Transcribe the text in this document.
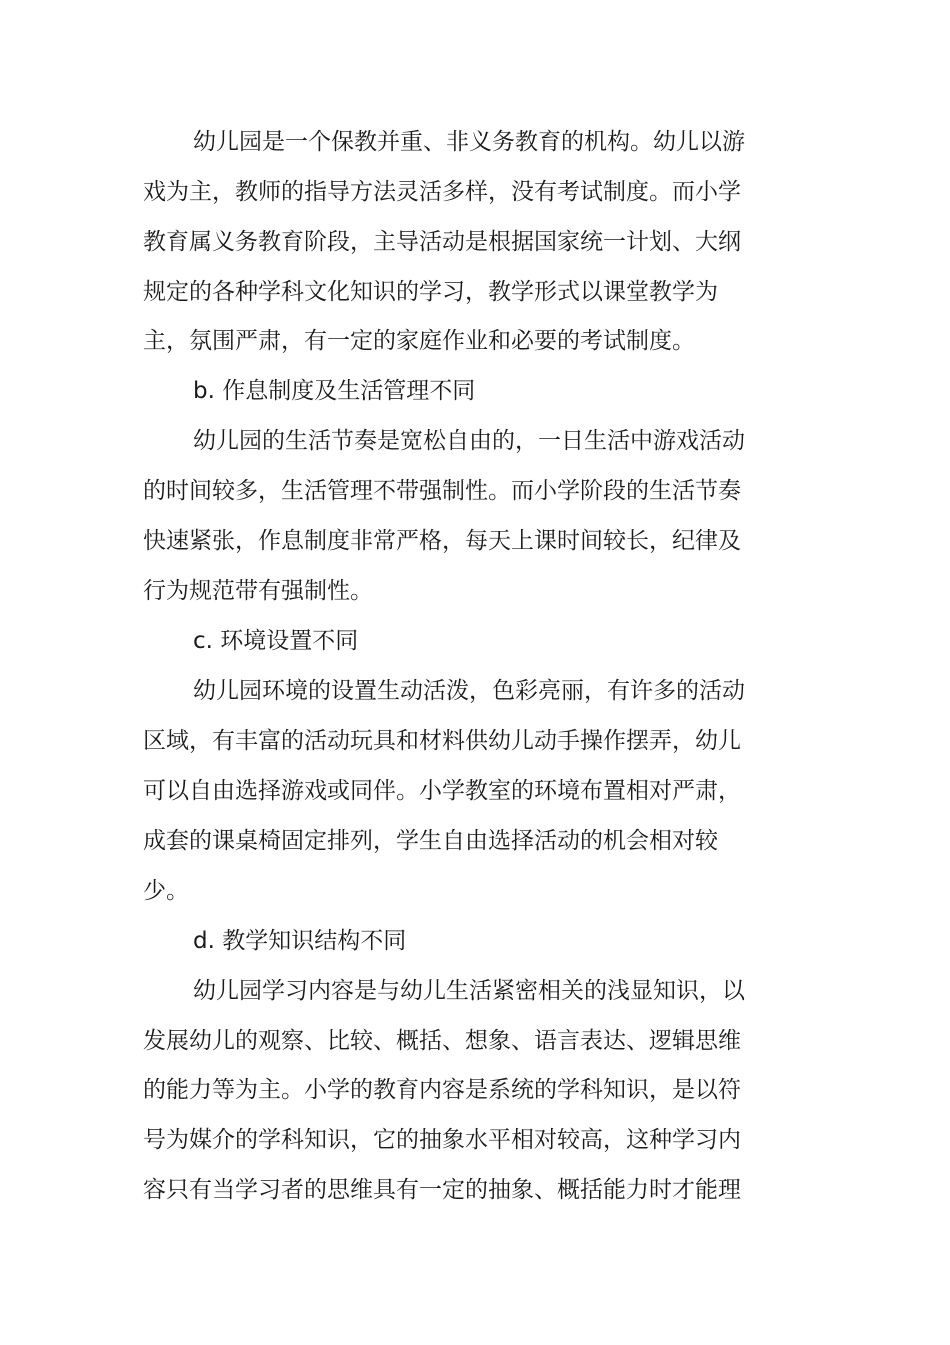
幼儿园是一个保教并重、非义务教育的机构。幼儿以游

戏为主，教师的指导方法灵活多样，没有考试制度。而小学

教育属义务教育阶段，主导活动是根据国家统一计划、大纲

规定的各种学科文化知识的学习，教学形式以课堂教学为

主，氛围严肃，有一定的家庭作业和必要的考试制度。

b. 作息制度及生活管理不同

幼儿园的生活节奏是宽松自由的，一日生活中游戏活动

的时间较多，生活管理不带强制性。而小学阶段的生活节奏

快速紧张，作息制度非常严格，每天上课时间较长，纪律及

行为规范带有强制性。

c. 环境设置不同

幼儿园环境的设置生动活泼，色彩亮丽，有许多的活动

区域，有丰富的活动玩具和材料供幼儿动手操作摆弄，幼儿

可以自由选择游戏或同伴。小学教室的环境布置相对严肃，

成套的课桌椅固定排列，学生自由选择活动的机会相对较

少。

d. 教学知识结构不同

幼儿园学习内容是与幼儿生活紧密相关的浅显知识，以

发展幼儿的观察、比较、概括、想象、语言表达、逻辑思维

的能力等为主。小学的教育内容是系统的学科知识，是以符

号为媒介的学科知识，它的抽象水平相对较高，这种学习内

容只有当学习者的思维具有一定的抽象、概括能力时才能理
